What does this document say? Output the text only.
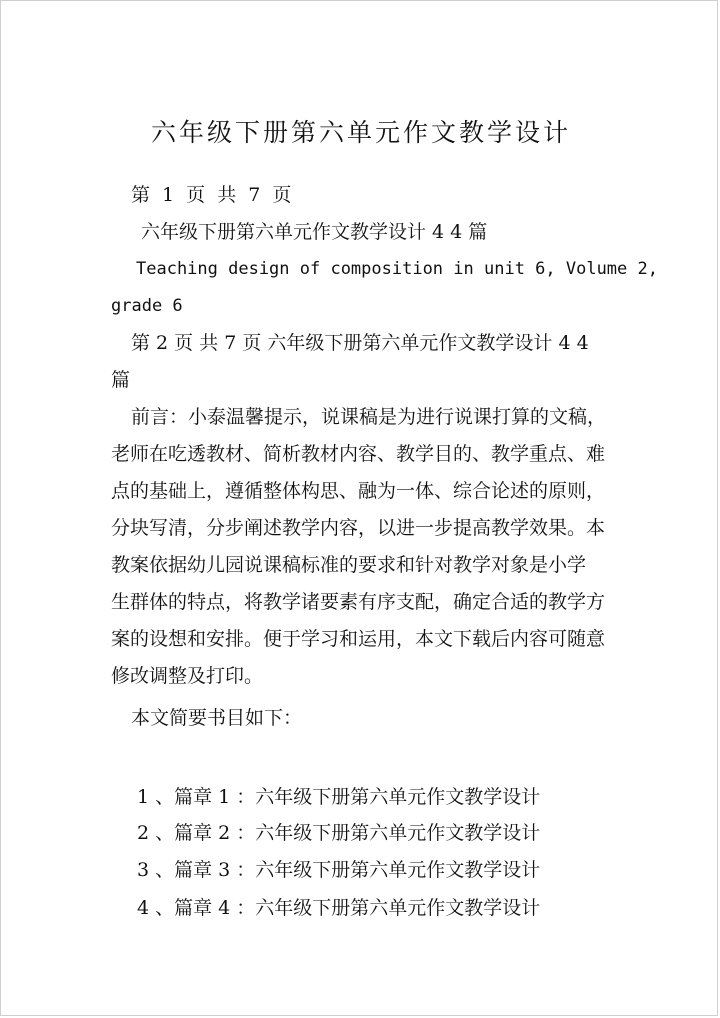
六年级下册第六单元作文教学设计
第 1 页 共 7 页
六年级下册第六单元作文教学设计 4 4 篇
Teaching design of composition in unit 6, Volume 2,
grade 6
第 2 页 共 7 页 六年级下册第六单元作文教学设计 4 4
篇
前言：小泰温馨提示，说课稿是为进行说课打算的文稿，
老师在吃透教材、简析教材内容、教学目的、教学重点、难
点的基础上，遵循整体构思、融为一体、综合论述的原则，
分块写清，分步阐述教学内容，以进一步提高教学效果。本
教案依据幼儿园说课稿标准的要求和针对教学对象是小学
生群体的特点，将教学诸要素有序支配，确定合适的教学方
案的设想和安排。便于学习和运用，本文下载后内容可随意
修改调整及打印。
本文简要书目如下：
1 、篇章 1 ：六年级下册第六单元作文教学设计
2 、篇章 2 ：六年级下册第六单元作文教学设计
3 、篇章 3 ：六年级下册第六单元作文教学设计
4 、篇章 4 ：六年级下册第六单元作文教学设计
